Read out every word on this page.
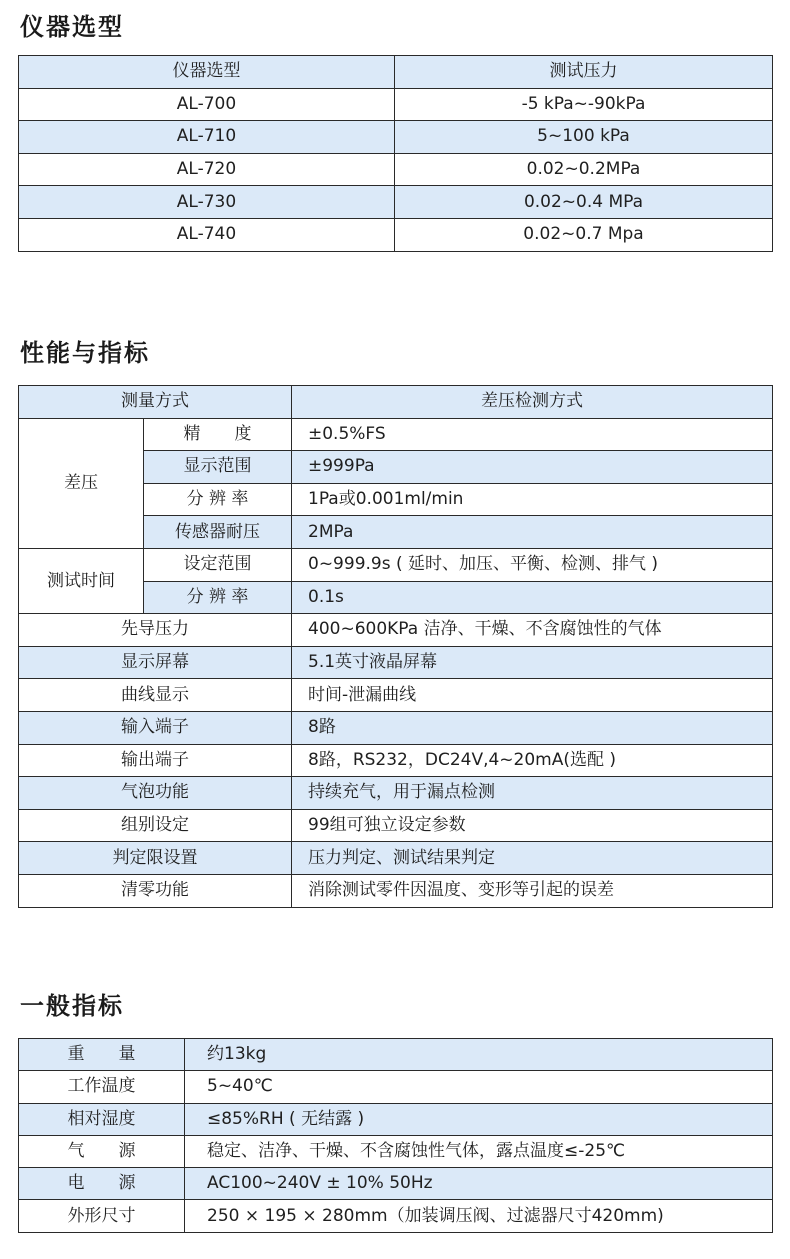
仪器选型
仪器选型	测试压力
AL-700	-5 kPa~-90kPa
AL-710	5~100 kPa
AL-720	0.02~0.2MPa
AL-730	0.02~0.4 MPa
AL-740	0.02~0.7 Mpa
性能与指标
测量方式		差压检测方式
差压	精　　度	±0.5%FS
	显示范围	±999Pa
	分 辨 率	1Pa或0.001ml/min
	传感器耐压	2MPa
测试时间	设定范围	0~999.9s ( 延时、加压、平衡、检测、排气 )
	分 辨 率	0.1s
先导压力		400~600KPa 洁净、干燥、不含腐蚀性的气体
显示屏幕		5.1英寸液晶屏幕
曲线显示		时间-泄漏曲线
输入端子		8路
输出端子		8路，RS232，DC24V,4~20mA(选配 )
气泡功能		持续充气，用于漏点检测
组别设定		99组可独立设定参数
判定限设置		压力判定、测试结果判定
清零功能		消除测试零件因温度、变形等引起的误差
一般指标
重　　量	约13kg
工作温度	5~40℃
相对湿度	≤85%RH ( 无结露 )
气　　源	稳定、洁净、干燥、不含腐蚀性气体，露点温度≤-25℃
电　　源	AC100~240V ± 10% 50Hz
外形尺寸	250 × 195 × 280mm（加装调压阀、过滤器尺寸420mm)
